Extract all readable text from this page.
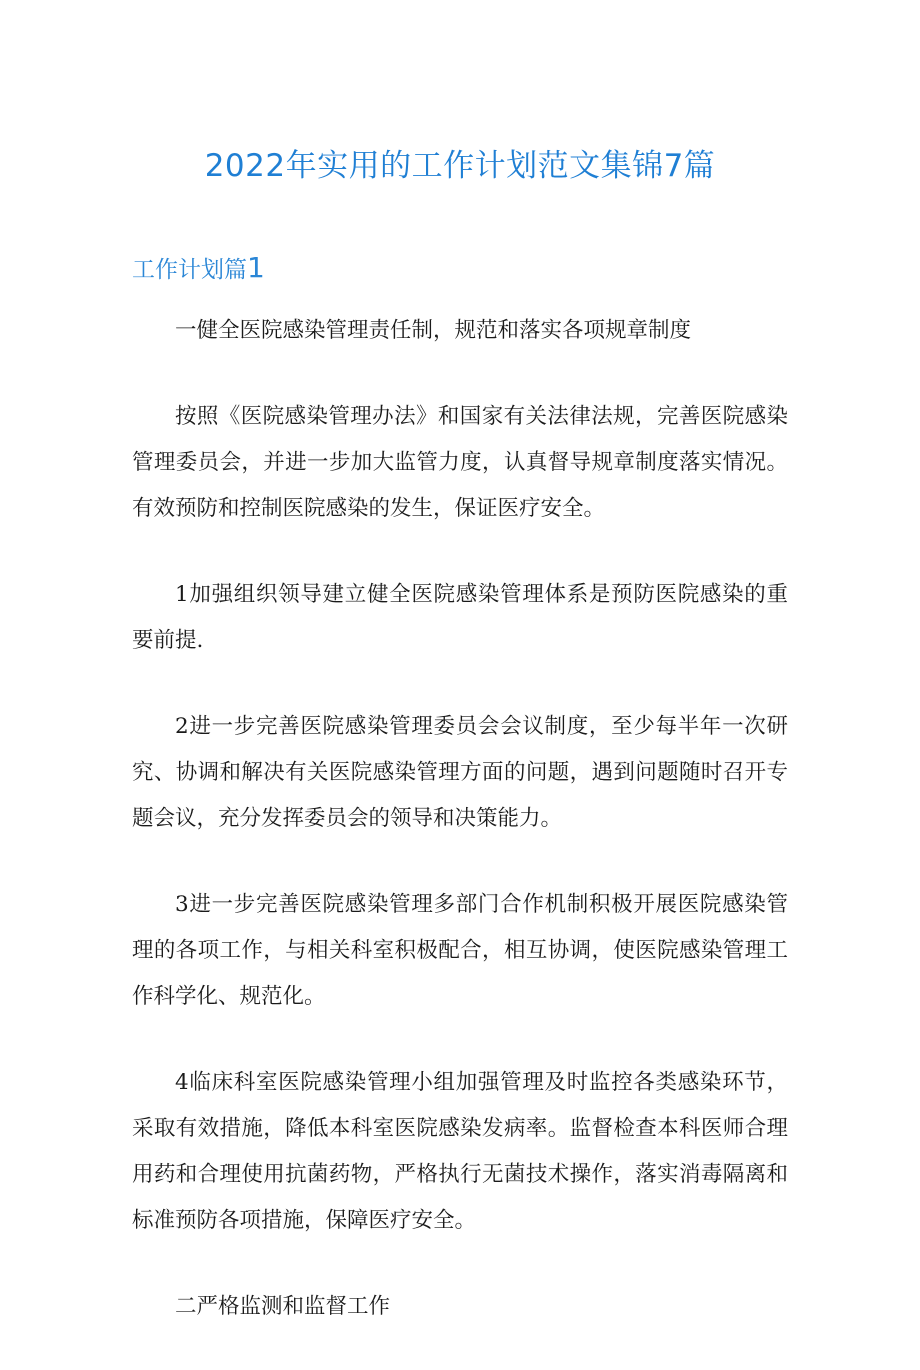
2022年实用的工作计划范文集锦7篇
工作计划篇1

一健全医院感染管理责任制，规范和落实各项规章制度

按照《医院感染管理办法》和国家有关法律法规，完善医院感染管理委员会，并进一步加大监管力度，认真督导规章制度落实情况。有效预防和控制医院感染的发生，保证医疗安全。

1加强组织领导建立健全医院感染管理体系是预防医院感染的重要前提.

2进一步完善医院感染管理委员会会议制度，至少每半年一次研究、协调和解决有关医院感染管理方面的问题，遇到问题随时召开专题会议，充分发挥委员会的领导和决策能力。

3进一步完善医院感染管理多部门合作机制积极开展医院感染管理的各项工作，与相关科室积极配合，相互协调，使医院感染管理工作科学化、规范化。

4临床科室医院感染管理小组加强管理及时监控各类感染环节，采取有效措施，降低本科室医院感染发病率。监督检查本科医师合理用药和合理使用抗菌药物，严格执行无菌技术操作，落实消毒隔离和标准预防各项措施，保障医疗安全。

二严格监测和监督工作
